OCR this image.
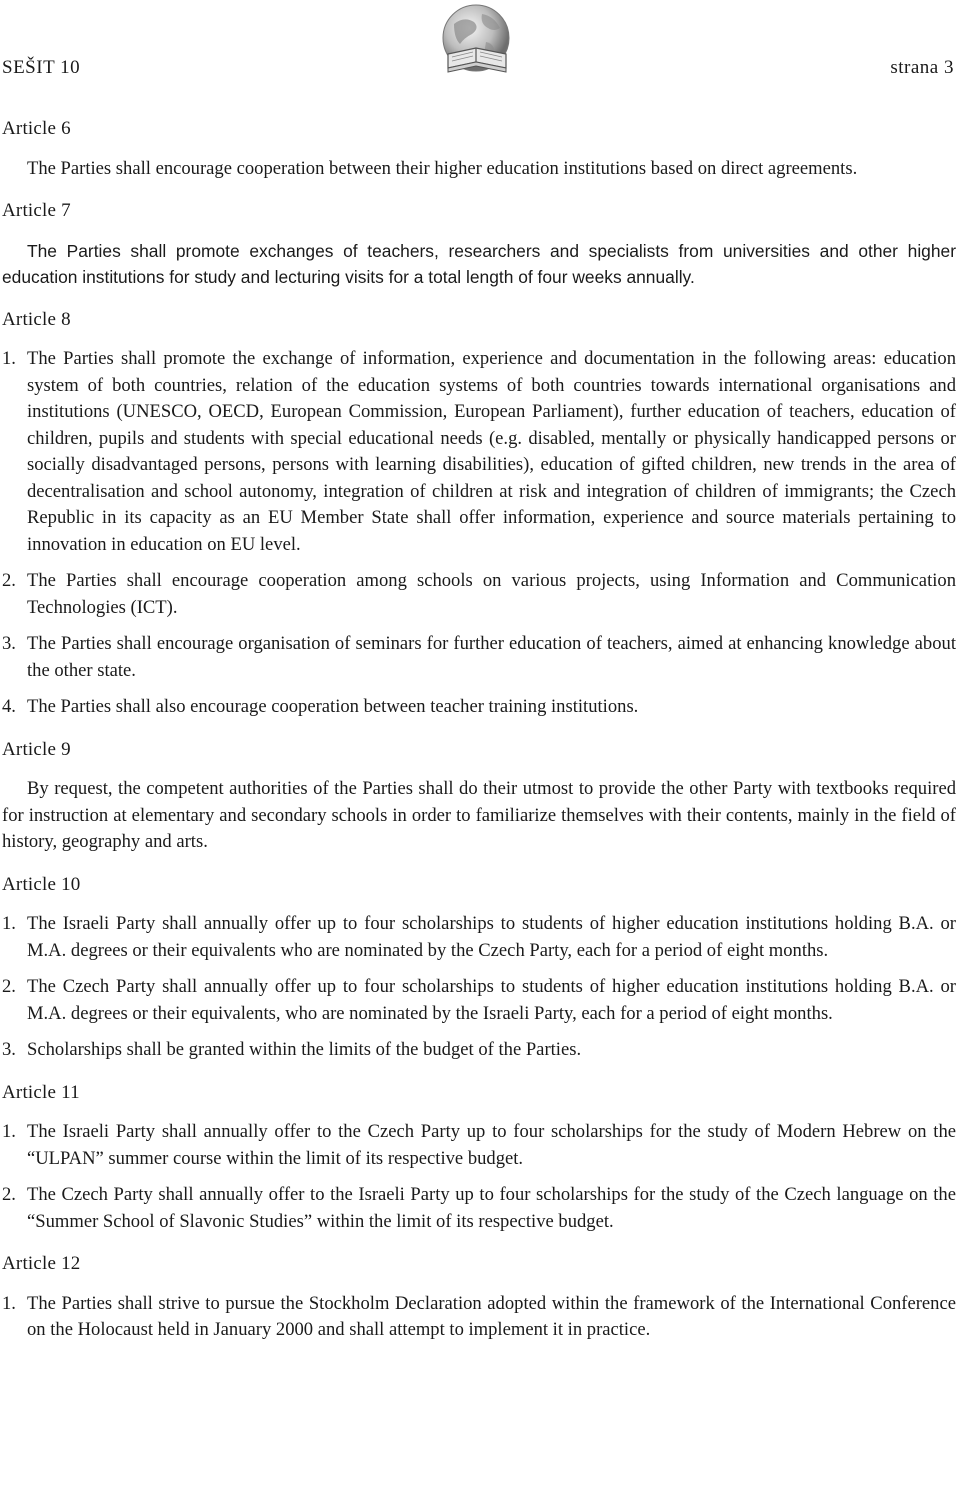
SEŠIT 10	strana 3
Article 6

The Parties shall encourage cooperation between their higher education institutions based on direct agreements.

Article 7

The Parties shall promote exchanges of teachers, researchers and specialists from universities and other higher education institutions for study and lecturing visits for a total length of four weeks annually.

Article 8
1. The Parties shall promote the exchange of information, experience and documentation in the following areas: education system of both countries, relation of the education systems of both countries towards international organisations and institutions (UNESCO, OECD, European Commission, European Parliament), further education of teachers, education of children, pupils and students with special educational needs (e.g. disabled, mentally or physically handicapped persons or socially disadvantaged persons, persons with learning disabilities), education of gifted children, new trends in the area of decentralisation and school autonomy, integration of children at risk and integration of children of immigrants; the Czech Republic in its capacity as an EU Member State shall offer information, experience and source materials pertaining to innovation in education on EU level.
2. The Parties shall encourage cooperation among schools on various projects, using Information and Communication Technologies (ICT).
3. The Parties shall encourage organisation of seminars for further education of teachers, aimed at enhancing knowledge about the other state.
4. The Parties shall also encourage cooperation between teacher training institutions.
Article 9

By request, the competent authorities of the Parties shall do their utmost to provide the other Party with textbooks required for instruction at elementary and secondary schools in order to familiarize themselves with their contents, mainly in the field of history, geography and arts.

Article 10
1. The Israeli Party shall annually offer up to four scholarships to students of higher education institutions holding B.A. or M.A. degrees or their equivalents who are nominated by the Czech Party, each for a period of eight months.
2. The Czech Party shall annually offer up to four scholarships to students of higher education institutions holding B.A. or M.A. degrees or their equivalents, who are nominated by the Israeli Party, each for a period of eight months.
3. Scholarships shall be granted within the limits of the budget of the Parties.
Article 11
1. The Israeli Party shall annually offer to the Czech Party up to four scholarships for the study of Modern Hebrew on the “ULPAN” summer course within the limit of its respective budget.
2. The Czech Party shall annually offer to the Israeli Party up to four scholarships for the study of the Czech language on the “Summer School of Slavonic Studies” within the limit of its respective budget.
Article 12
1. The Parties shall strive to pursue the Stockholm Declaration adopted within the framework of the International Conference on the Holocaust held in January 2000 and shall attempt to implement it in practice.
